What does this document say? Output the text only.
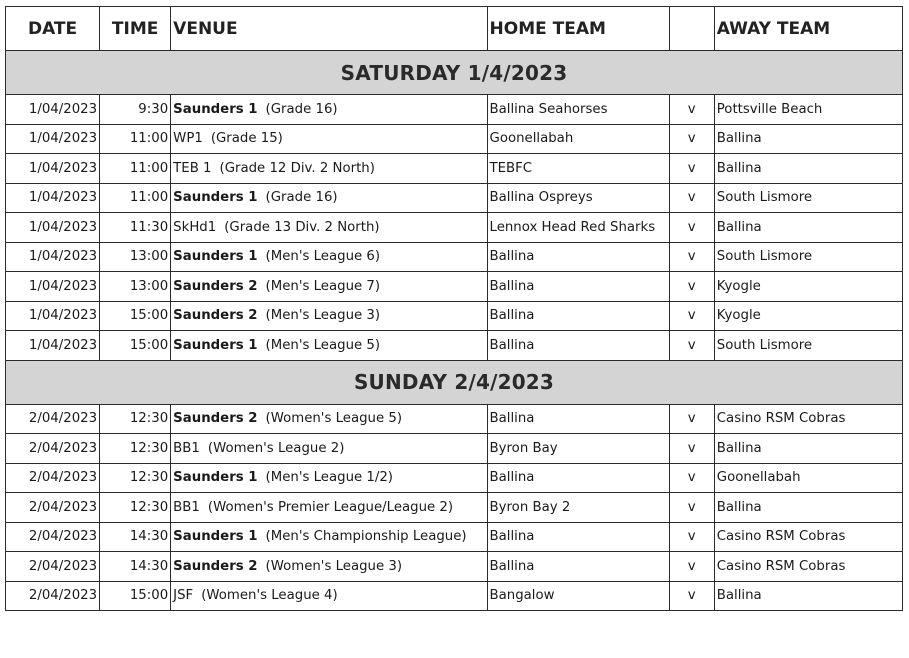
DATE	TIME	VENUE	HOME TEAM		AWAY TEAM
SATURDAY 1/4/2023					
1/04/2023	9:30	Saunders 1 (Grade 16)	Ballina Seahorses	v	Pottsville Beach
1/04/2023	11:00	WP1 (Grade 15)	Goonellabah	v	Ballina
1/04/2023	11:00	TEB 1 (Grade 12 Div. 2 North)	TEBFC	v	Ballina
1/04/2023	11:00	Saunders 1 (Grade 16)	Ballina Ospreys	v	South Lismore
1/04/2023	11:30	SkHd1 (Grade 13 Div. 2 North)	Lennox Head Red Sharks	v	Ballina
1/04/2023	13:00	Saunders 1 (Men's League 6)	Ballina	v	South Lismore
1/04/2023	13:00	Saunders 2 (Men's League 7)	Ballina	v	Kyogle
1/04/2023	15:00	Saunders 2 (Men's League 3)	Ballina	v	Kyogle
1/04/2023	15:00	Saunders 1 (Men's League 5)	Ballina	v	South Lismore
SUNDAY 2/4/2023					
2/04/2023	12:30	Saunders 2 (Women's League 5)	Ballina	v	Casino RSM Cobras
2/04/2023	12:30	BB1 (Women's League 2)	Byron Bay	v	Ballina
2/04/2023	12:30	Saunders 1 (Men's League 1/2)	Ballina	v	Goonellabah
2/04/2023	12:30	BB1 (Women's Premier League/League 2)	Byron Bay 2	v	Ballina
2/04/2023	14:30	Saunders 1 (Men's Championship League)	Ballina	v	Casino RSM Cobras
2/04/2023	14:30	Saunders 2 (Women's League 3)	Ballina	v	Casino RSM Cobras
2/04/2023	15:00	JSF (Women's League 4)	Bangalow	v	Ballina
